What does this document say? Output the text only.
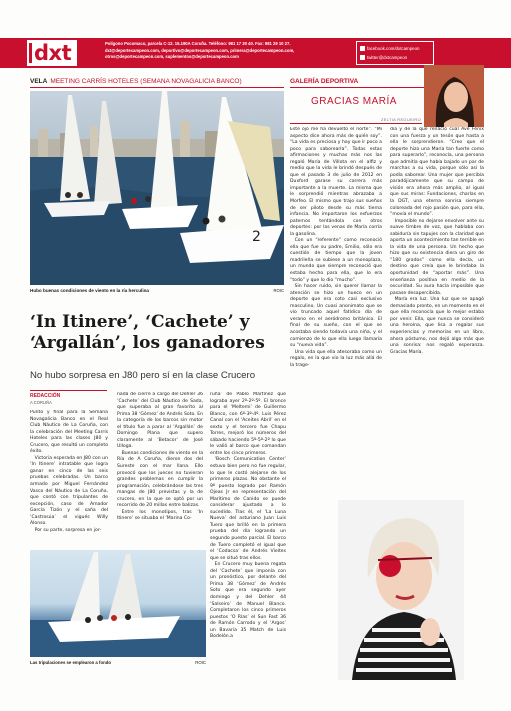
dxt	Polígono Pocomaco, parcela C-12. 15.190A Coruña. Teléfono: 981 17 30 40. Fax: 981 29 10 27.
dxt@deportecampeon.com, deportivo@deportecampeon.com, primera@deportecampeon.com,
otros@deportecampeon.com, suplementos@deportecampeon.com
facebook.com/dxtcampeon
twitter@dxtcampeon
VELA MEETING CARRÍS HOTELES (SEMANA NOVAGALICIA BANCO)
2
Hubo buenas condiciones de viento en la ría herculina	ROIC
‘In Itinere’, ‘Cachete’ y ‘Argallán’, los ganadores
No hubo sorpresa en J80 pero sí en la clase Crucero
REDACCIÓN
A CORUÑA

Punto y final para la Semana Novagalicia Banco en el Real Club Náutico de La Coruña, con la celebración del Meeting Carrís Hoteles para las clases J80 y Crucero, que resultó un completo éxito.
 Victoria esperada en J80 con un ‘In Itinere’ intratable que logra ganar en cinco de las seis pruebas celebradas. Un barco armado por Miguel Fernández Vasco del Náutico de La Coruña, que contó con tripulantes de excepción, caso de Amador García Tizón y el saña del ‘Castrosúa’ el vigués Willy Alonso.
 Por su parte, sorpresa en jor-

nada de cierre a cargo del Dehler 36 ‘Cachete’ del Club Náutico de Sada, que superaba al gran favorito al Prima 38 ‘Gómez’ de Andrés Soto. En la categoría de los barcos sin motor el título fue a parar al ‘Argallán’ de Domingo Plana que supero claramente al ‘Betacor’ de José Ulloga.
 Buenas condiciones de viento en la Ría de A Coruña, dieron dos del Sureste con el mar llana. Ello provocó que los jueces no tuvieran grandes problemas en cumplir la programación, celebrándose las tres mangas de J80 previstas y la de crucero, en la que se optó por un recorrido de 20 millas entre balizas.
 Entre los monotipos, tras ‘In Itinere’ se situaba el ‘Marina Co-

ruña’ de Pablo Martínez que lograba ayer 2º-2º-5º. El bronce para el ‘Meltemi’ de Guillermo Blanco, con 6º-3º-4º. Luis Pérez Canal con el ‘Aceites Abril’ en el sexto y el tercero fue Chapu Torres, mejoró los números del sábado haciendo 5º-5º-2º lo que le valió al barco que comandan entre los cinco primeros.
 ‘Bosch Comunication Center’ estuvo bien pero no fue regular, lo que le costó alejarse de los primeros plazas. No obstante el 9º puesto logrado por Ramón Ojeas Jr en representación del Marítimo de Canido se puede considerar ajustado a lo sucedido. Tras él, el ‘La Luna Nueva’ del asturiano Juan Luis Tuero que brilló en la primera prueba del día logrando un segundo puesto parcial. El barco de Tuero completó el igual que el ‘Codacsa’ de Andrés Vieites que se situó tras ellos.
 En Crucero muy buena regata del ‘Cachete’ que imponía con un pronóstico, por delante del Prima 38 ‘Gómez’ de Andrés Soto que era segundo ayer domingo y del Dehler 44 ‘Salseiro’ de Manuel Blanco. Completaron los cinco primeros puestos ‘O Rías’ el Sun Fast 36 de Ramón Carrodo y el ‘Argos’ un Bavaria 35 Match de Luis Bodelón.a

Las tripulaciones se emplearon a fondo	ROIC
GALERÍA DEPORTIVA
GRACIAS MARÍA
ZELTIA REGUEIRO

Este ojo me ha devuelto el norte”. “Mi aspecto dice ahora más de quién soy”. “La vida es preciosa y hay que ir poco a poco para saborearla”. Todas estas afirmaciones y muchas más nos las regaló María de Villota en el alfiz y medio que la vida le brindó después de que el pasado 3 de julio de 2012 en Duxford garase su carrera más importante a la muerte. La misma que le sorprendió mientras abrazaba a Morfeo. El mismo que trajo sus sueños de ser piloto desde su más tierna infancia. No importaron los esfuerzos paternos tentándola con otros deportes: por las venas de María corría la gasolina.
 Con un “referente” como reconoció ella que fue su padre, Emilio, sólo era cuestión de tiempo que la joven madrileña se subiese a un monoplaza, un mundo que siempre reconoció que estaba hecho para ella, que lo era “todo” y que lo dio “mucho”.
 Sin hacer ruido, sin querer llamar la atención se hizo un hueco en un deporte que era coto casi exclusivo masculino. Un cuasi anonimato que se vio truncado aquel fatídico día de verano en el aeródromo británico. El final de su sueño, con el que se acostaba siendo todavía una niña, y el comienzo de lo que ella luego llamaría su “nueva vida”.
 Una vida que ella atesoraba como un regalo, en la que vio la luz más allá de la trage-

dia y de la que renació cual Ave Fénix con una fuerza y un tesón que hasta a ella le sorprendieron. “Creo que el deporte hizo una María tan fuerte como para superarlo”, reconocía, una persona que admitía que había bajado un par de marchas a su vida, porque sólo así la podía saborear. Una mujer que percibía paradójicamente que su campo de visión era ahora más amplio, al igual que sus miras: Fundaciones, charlas en la DGT, una eterna sonrisa siempre coloreada del rojo pasión que, para ella, “movía el mundo”.
 Imposible no dejarse envolver ante su suave timbre de voz, que hablaba con sabiduría sin tapujes con la claridad que aporta un acontecimiento tan terrible en la vida de una persona. Un hecho que hizo que su existencia diera un giro de “180 grados” como ella decía, un destino que creía que le brindaba la oportunidad de “aportar más”. Una enseñanza positiva en medio de la oscuridad. Su aura hacía imposible que pasase desapercibida.
 María era luz. Una luz que se apagó demasiado pronto, en un momento en el que ella reconocía que lo mejor estaba por venir. Ella, que nunca se consideró una heroína, que lisa a regalar sus experiencias y memorias en un libro, ahora póstumo, nos dejó algo más que una sonrisa: nos regaló esperanza. Gracias María.
